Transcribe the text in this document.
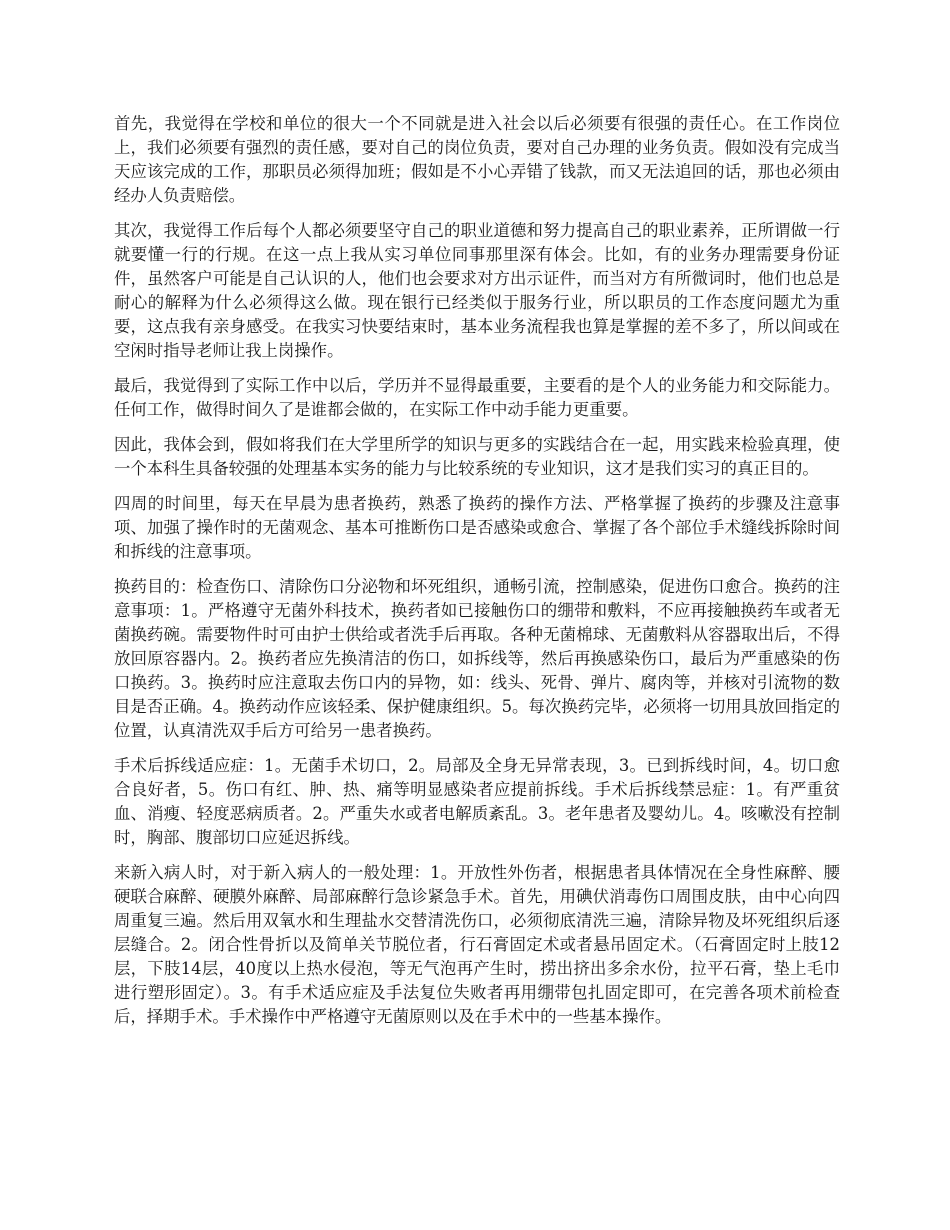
首先，我觉得在学校和单位的很大一个不同就是进入社会以后必须要有很强的责任心。在工作岗位上，我们必须要有强烈的责任感，要对自己的岗位负责，要对自己办理的业务负责。假如没有完成当天应该完成的工作，那职员必须得加班；假如是不小心弄错了钱款，而又无法追回的话，那也必须由经办人负责赔偿。

其次，我觉得工作后每个人都必须要坚守自己的职业道德和努力提高自己的职业素养，正所谓做一行就要懂一行的行规。在这一点上我从实习单位同事那里深有体会。比如，有的业务办理需要身份证件，虽然客户可能是自己认识的人，他们也会要求对方出示证件，而当对方有所微词时，他们也总是耐心的解释为什么必须得这么做。现在银行已经类似于服务行业，所以职员的工作态度问题尤为重要，这点我有亲身感受。在我实习快要结束时，基本业务流程我也算是掌握的差不多了，所以间或在空闲时指导老师让我上岗操作。

最后，我觉得到了实际工作中以后，学历并不显得最重要，主要看的是个人的业务能力和交际能力。任何工作，做得时间久了是谁都会做的，在实际工作中动手能力更重要。

因此，我体会到，假如将我们在大学里所学的知识与更多的实践结合在一起，用实践来检验真理，使一个本科生具备较强的处理基本实务的能力与比较系统的专业知识，这才是我们实习的真正目的。

四周的时间里，每天在早晨为患者换药，熟悉了换药的操作方法、严格掌握了换药的步骤及注意事项、加强了操作时的无菌观念、基本可推断伤口是否感染或愈合、掌握了各个部位手术缝线拆除时间和拆线的注意事项。

换药目的：检查伤口、清除伤口分泌物和坏死组织，通畅引流，控制感染，促进伤口愈合。换药的注意事项：1。严格遵守无菌外科技术，换药者如已接触伤口的绷带和敷料，不应再接触换药车或者无菌换药碗。需要物件时可由护士供给或者洗手后再取。各种无菌棉球、无菌敷料从容器取出后，不得放回原容器内。2。换药者应先换清洁的伤口，如拆线等，然后再换感染伤口，最后为严重感染的伤口换药。3。换药时应注意取去伤口内的异物，如：线头、死骨、弹片、腐肉等，并核对引流物的数目是否正确。4。换药动作应该轻柔、保护健康组织。5。每次换药完毕，必须将一切用具放回指定的位置，认真清洗双手后方可给另一患者换药。

手术后拆线适应症：1。无菌手术切口，2。局部及全身无异常表现，3。已到拆线时间，4。切口愈合良好者，5。伤口有红、肿、热、痛等明显感染者应提前拆线。手术后拆线禁忌症：1。有严重贫血、消瘦、轻度恶病质者。2。严重失水或者电解质紊乱。3。老年患者及婴幼儿。4。咳嗽没有控制时，胸部、腹部切口应延迟拆线。

来新入病人时，对于新入病人的一般处理：1。开放性外伤者，根据患者具体情况在全身性麻醉、腰硬联合麻醉、硬膜外麻醉、局部麻醉行急诊紧急手术。首先，用碘伏消毒伤口周围皮肤，由中心向四周重复三遍。然后用双氧水和生理盐水交替清洗伤口，必须彻底清洗三遍，清除异物及坏死组织后逐层缝合。2。闭合性骨折以及简单关节脱位者，行石膏固定术或者悬吊固定术。（石膏固定时上肢12层，下肢14层，40度以上热水侵泡，等无气泡再产生时，捞出挤出多余水份，拉平石膏，垫上毛巾进行塑形固定）。3。有手术适应症及手法复位失败者再用绷带包扎固定即可，在完善各项术前检查后，择期手术。手术操作中严格遵守无菌原则以及在手术中的一些基本操作。
